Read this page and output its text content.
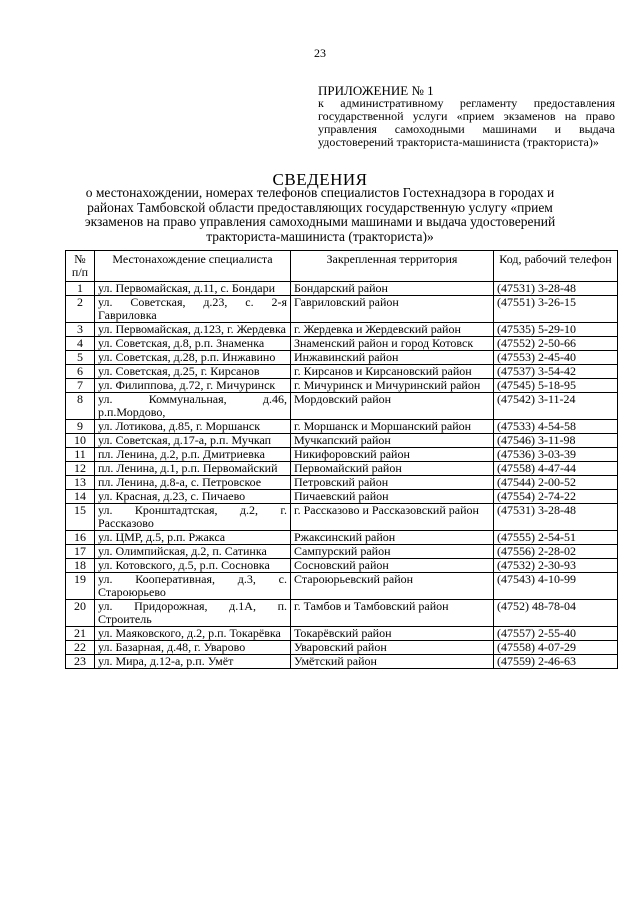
23
ПРИЛОЖЕНИЕ № 1
к административному регламенту предоставления государственной услуги «прием экзаменов на право управления самоходными машинами и выдача удостоверений тракториста-машиниста (тракториста)»
СВЕДЕНИЯ
о местонахождении, номерах телефонов специалистов Гостехнадзора в городах и районах Тамбовской области предоставляющих государственную услугу «прием экзаменов на право управления самоходными машинами и выдача удостоверений тракториста-машиниста (тракториста)»
№ п/п	Местонахождение специалиста	Закрепленная территория	Код, рабочий телефон
1	ул. Первомайская, д.11, с. Бондари	Бондарский район	(47531) 3-28-48
2	ул. Советская, д.23, с. 2-я Гавриловка	Гавриловский район	(47551) 3-26-15
3	ул. Первомайская, д.123, г. Жердевка	г. Жердевка и Жердевский район	(47535) 5-29-10
4	ул. Советская, д.8, р.п. Знаменка	Знаменский район и город Котовск	(47552) 2-50-66
5	ул. Советская, д.28, р.п. Инжавино	Инжавинский район	(47553) 2-45-40
6	ул. Советская, д.25, г. Кирсанов	г. Кирсанов и Кирсановский район	(47537) 3-54-42
7	ул. Филиппова, д.72, г. Мичуринск	г. Мичуринск и Мичуринский район	(47545) 5-18-95
8	ул. Коммунальная, д.46, р.п.Мордово,	Мордовский район	(47542) 3-11-24
9	ул. Лотикова, д.85, г. Моршанск	г. Моршанск и Моршанский район	(47533) 4-54-58
10	ул. Советская, д.17-а, р.п. Мучкап	Мучкапский район	(47546) 3-11-98
11	пл. Ленина, д.2, р.п. Дмитриевка	Никифоровский район	(47536) 3-03-39
12	пл. Ленина, д.1, р.п. Первомайский	Первомайский район	(47558) 4-47-44
13	пл. Ленина, д.8-а, с. Петровское	Петровский район	(47544) 2-00-52
14	ул. Красная, д.23, с. Пичаево	Пичаевский район	(47554) 2-74-22
15	ул. Кронштадтская, д.2, г. Рассказово	г. Рассказово и Рассказовский район	(47531) 3-28-48
16	ул. ЦМР, д.5, р.п. Ржакса	Ржаксинский район	(47555) 2-54-51
17	ул. Олимпийская, д.2, п. Сатинка	Сампурский район	(47556) 2-28-02
18	ул. Котовского, д.5, р.п. Сосновка	Сосновский район	(47532) 2-30-93
19	ул. Кооперативная, д.3, с. Староюрьево	Староюрьевский район	(47543) 4-10-99
20	ул. Придорожная, д.1А, п. Строитель	г. Тамбов и Тамбовский район	(4752) 48-78-04
21	ул. Маяковского, д.2, р.п. Токарёвка	Токарёвский район	(47557) 2-55-40
22	ул. Базарная, д.48, г. Уварово	Уваровский район	(47558) 4-07-29
23	ул. Мира, д.12-а, р.п. Умёт	Умётский район	(47559) 2-46-63
